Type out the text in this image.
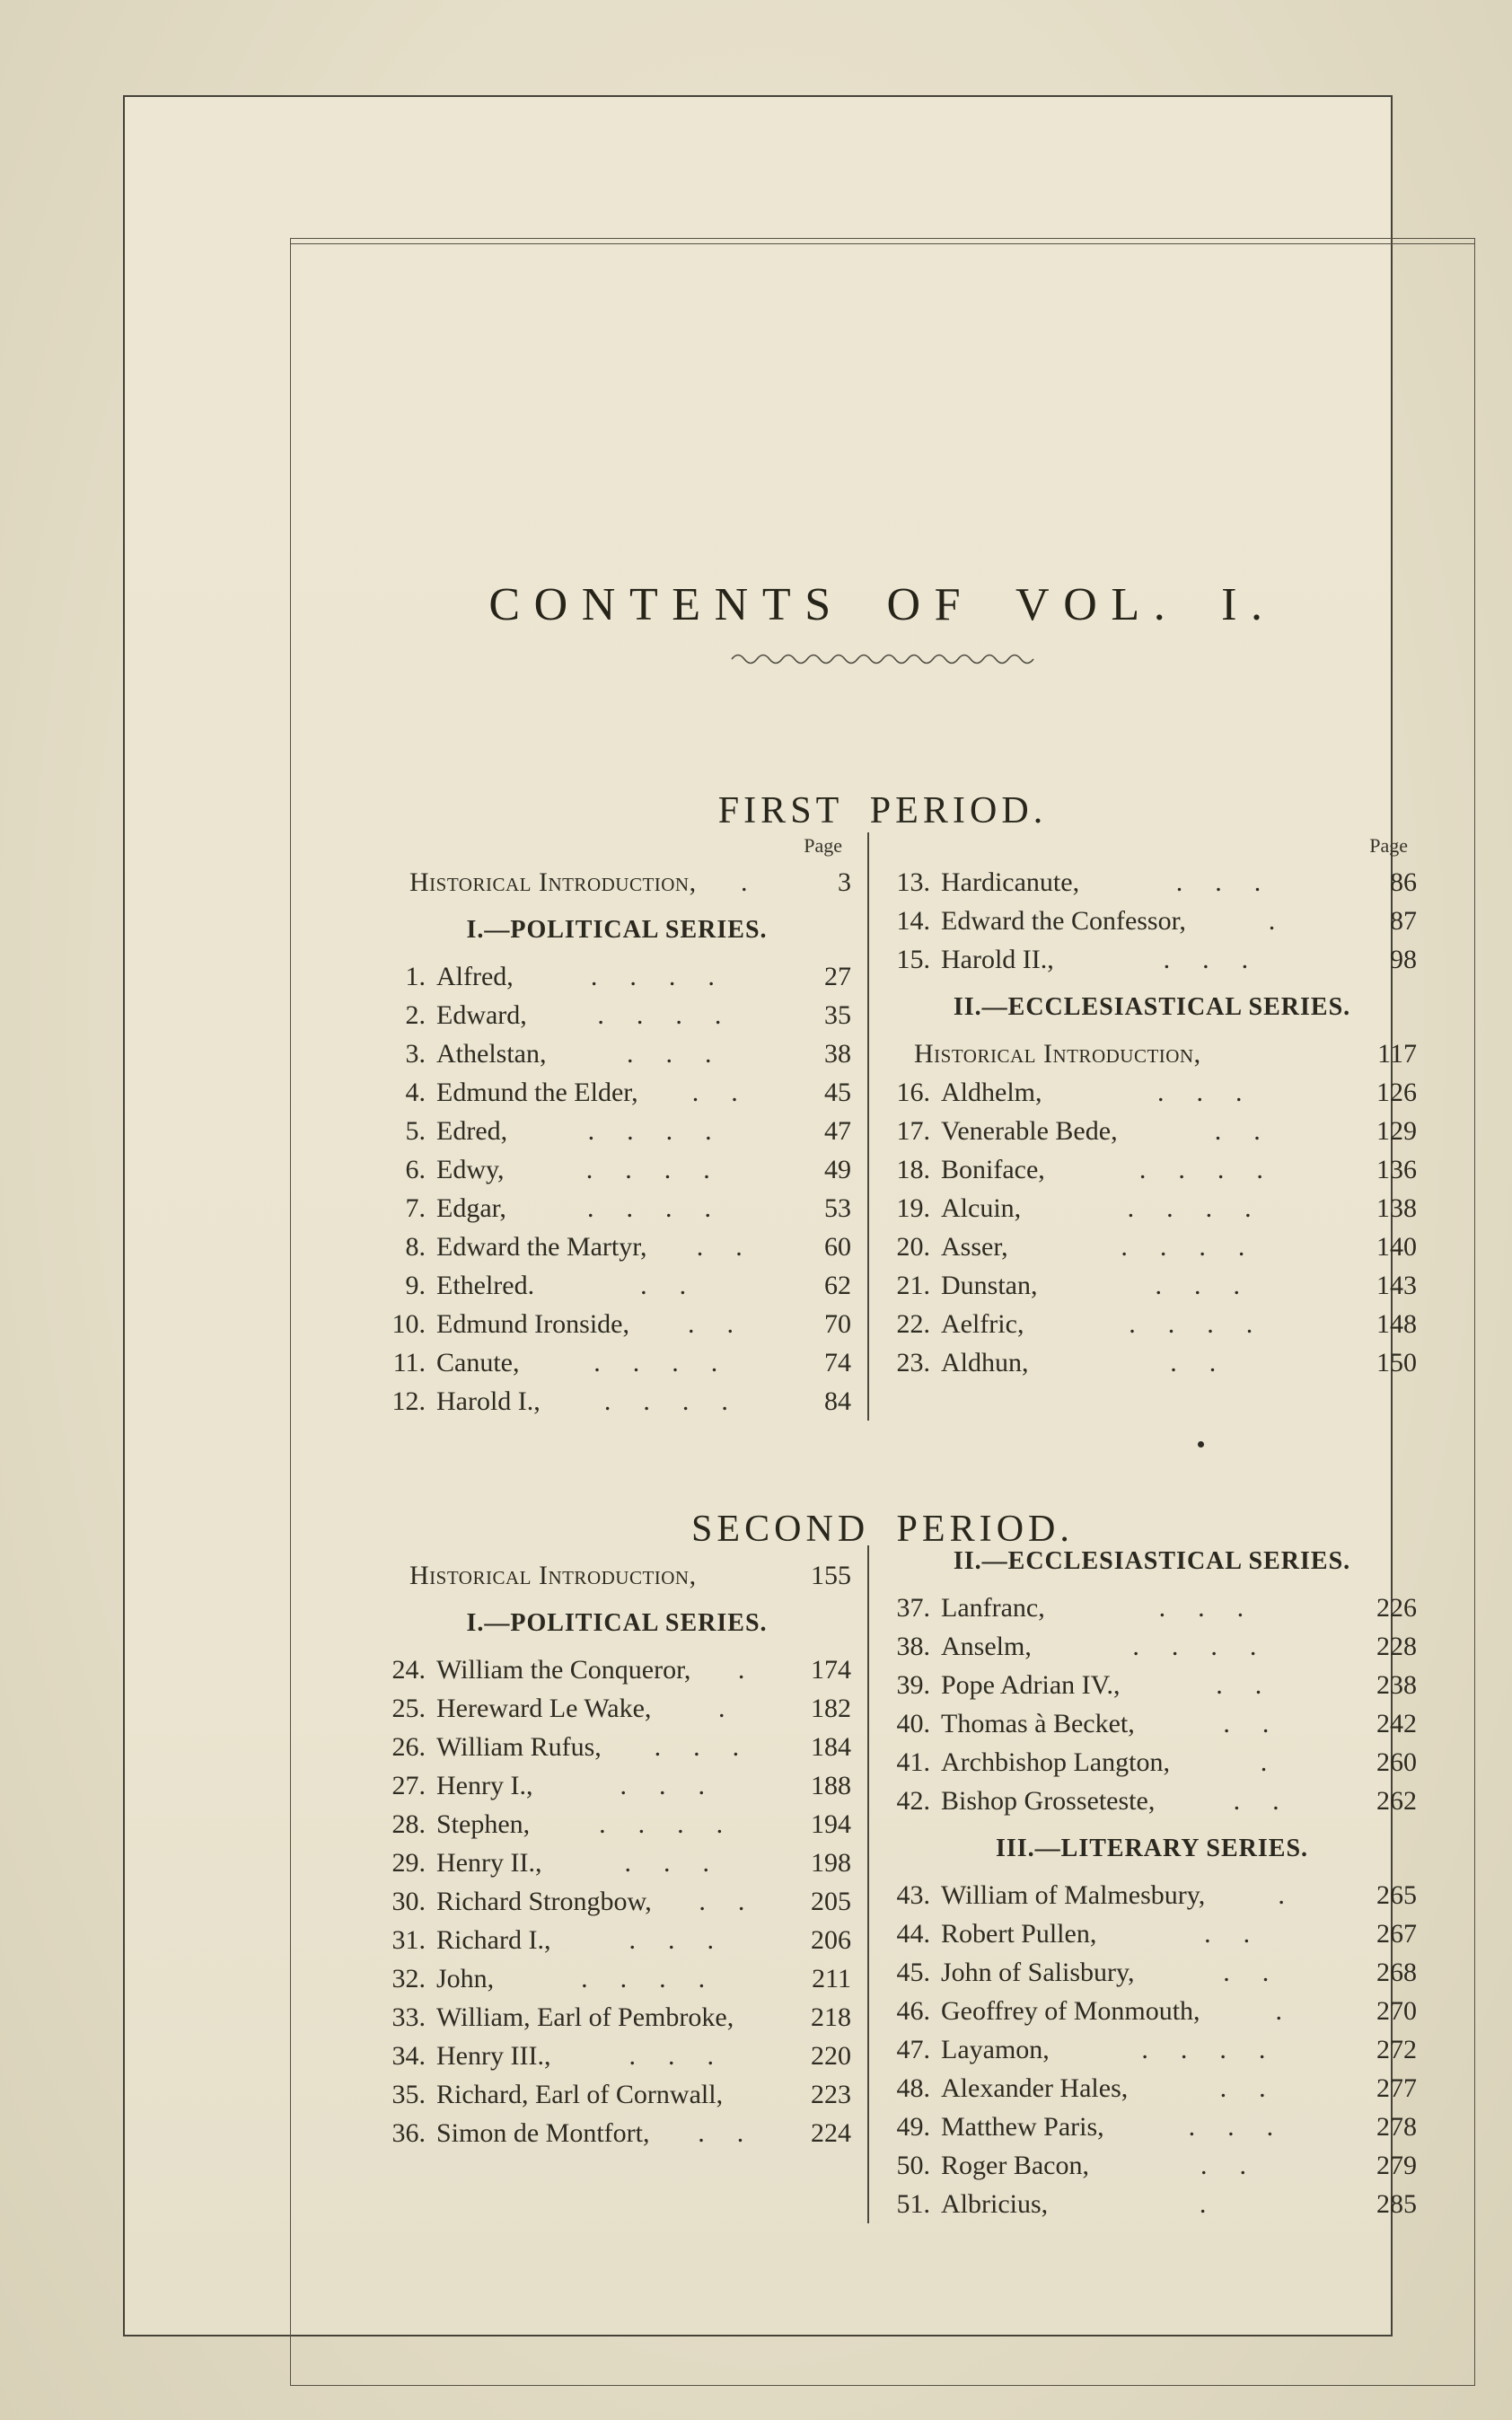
CONTENTS OF VOL. I.
FIRST PERIOD.
Page
Historical Introduction,	.	3
I.—POLITICAL SERIES.
1. Alfred,	. . . .	27
2. Edward,	. . . .	35
3. Athelstan,	. . .	38
4. Edmund the Elder,	. .	45
5. Edred,	. . . .	47
6. Edwy,	. . . .	49
7. Edgar,	. . . .	53
8. Edward the Martyr,	. .	60
9. Ethelred.	. .	62
10. Edmund Ironside,	. .	70
11. Canute,	. . . .	74
12. Harold I.,	. . . .	84
Page
13. Hardicanute,	. . .	86
14. Edward the Confessor,	.	87
15. Harold II.,	. . .	98
II.—ECCLESIASTICAL SERIES.
Historical Introduction,	117
16. Aldhelm,	. . .	126
17. Venerable Bede,	. .	129
18. Boniface,	. . . .	136
19. Alcuin,	. . . .	138
20. Asser,	. . . .	140
21. Dunstan,	. . .	143
22. Aelfric,	. . . .	148
23. Aldhun,	. .	150
SECOND PERIOD.
Historical Introduction,	155
I.—POLITICAL SERIES.
24. William the Conqueror,	.	174
25. Hereward Le Wake,	.	182
26. William Rufus,	. . .	184
27. Henry I.,	. . .	188
28. Stephen,	. . . .	194
29. Henry II.,	. . .	198
30. Richard Strongbow,	. .	205
31. Richard I.,	. . .	206
32. John,	. . . .	211
33. William, Earl of Pembroke,	218
34. Henry III.,	. . .	220
35. Richard, Earl of Cornwall,	223
36. Simon de Montfort,	. .	224
II.—ECCLESIASTICAL SERIES.
37. Lanfranc,	. . .	226
38. Anselm,	. . . .	228
39. Pope Adrian IV.,	. .	238
40. Thomas à Becket,	. .	242
41. Archbishop Langton,	.	260
42. Bishop Grosseteste,	. .	262
III.—LITERARY SERIES.
43. William of Malmesbury,	.	265
44. Robert Pullen,	. .	267
45. John of Salisbury,	. .	268
46. Geoffrey of Monmouth,	.	270
47. Layamon,	. . . .	272
48. Alexander Hales,	. .	277
49. Matthew Paris,	. . .	278
50. Roger Bacon,	. .	279
51. Albricius,	.	285
